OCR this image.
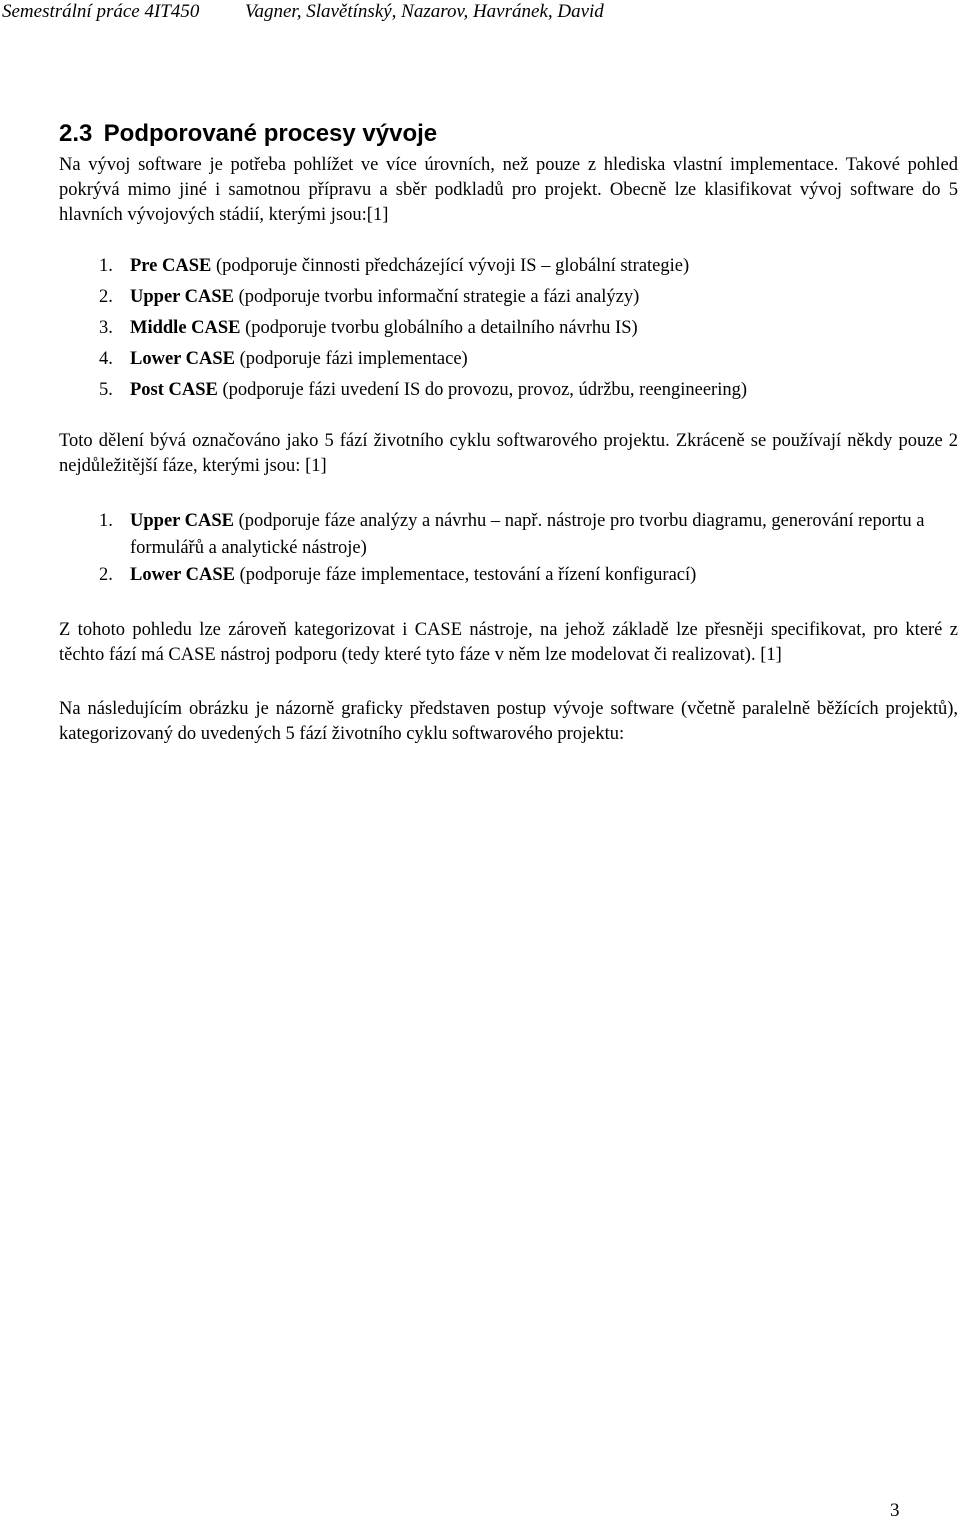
Semestrální práce 4IT450 Vagner, Slavětínský, Nazarov, Havránek, David
2.3 Podporované procesy vývoje

Na vývoj software je potřeba pohlížet ve více úrovních, než pouze z hlediska vlastní implementace. Takové pohled pokrývá mimo jiné i samotnou přípravu a sběr podkladů pro projekt. Obecně lze klasifikovat vývoj software do 5 hlavních vývojových stádií, kterými jsou:[1]

1. Pre CASE (podporuje činnosti předcházející vývoji IS – globální strategie)
2. Upper CASE (podporuje tvorbu informační strategie a fázi analýzy)
3. Middle CASE (podporuje tvorbu globálního a detailního návrhu IS)
4. Lower CASE (podporuje fázi implementace)
5. Post CASE (podporuje fázi uvedení IS do provozu, provoz, údržbu, reengineering)

Toto dělení bývá označováno jako 5 fází životního cyklu softwarového projektu. Zkráceně se používají někdy pouze 2 nejdůležitější fáze, kterými jsou: [1]

1. Upper CASE (podporuje fáze analýzy a návrhu – např. nástroje pro tvorbu diagramu, generování reportu a formulářů a analytické nástroje)
2. Lower CASE (podporuje fáze implementace, testování a řízení konfigurací)

Z tohoto pohledu lze zároveň kategorizovat i CASE nástroje, na jehož základě lze přesněji specifikovat, pro které z těchto fází má CASE nástroj podporu (tedy které tyto fáze v něm lze modelovat či realizovat). [1]

Na následujícím obrázku je názorně graficky představen postup vývoje software (včetně paralelně běžících projektů), kategorizovaný do uvedených 5 fází životního cyklu softwarového projektu:

3
